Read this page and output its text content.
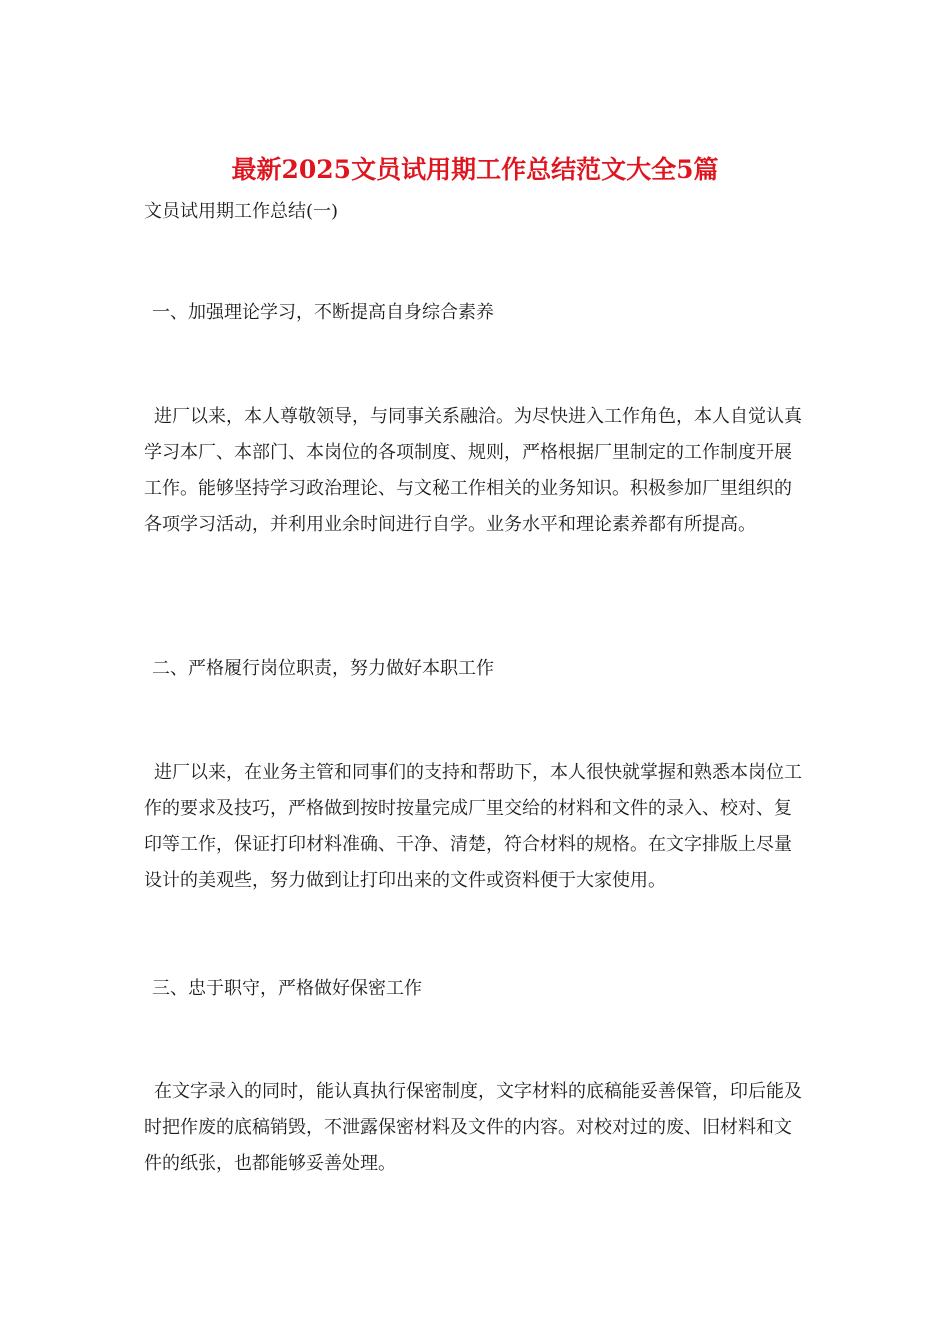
最新2025文员试用期工作总结范文大全5篇

文员试用期工作总结(一)

一、加强理论学习，不断提高自身综合素养

进厂以来，本人尊敬领导，与同事关系融洽。为尽快进入工作角色，本人自觉认真学习本厂、本部门、本岗位的各项制度、规则，严格根据厂里制定的工作制度开展工作。能够坚持学习政治理论、与文秘工作相关的业务知识。积极参加厂里组织的各项学习活动，并利用业余时间进行自学。业务水平和理论素养都有所提高。

二、严格履行岗位职责，努力做好本职工作

进厂以来，在业务主管和同事们的支持和帮助下，本人很快就掌握和熟悉本岗位工作的要求及技巧，严格做到按时按量完成厂里交给的材料和文件的录入、校对、复印等工作，保证打印材料准确、干净、清楚，符合材料的规格。在文字排版上尽量设计的美观些，努力做到让打印出来的文件或资料便于大家使用。

三、忠于职守，严格做好保密工作

在文字录入的同时，能认真执行保密制度，文字材料的底稿能妥善保管，印后能及时把作废的底稿销毁，不泄露保密材料及文件的内容。对校对过的废、旧材料和文件的纸张，也都能够妥善处理。
